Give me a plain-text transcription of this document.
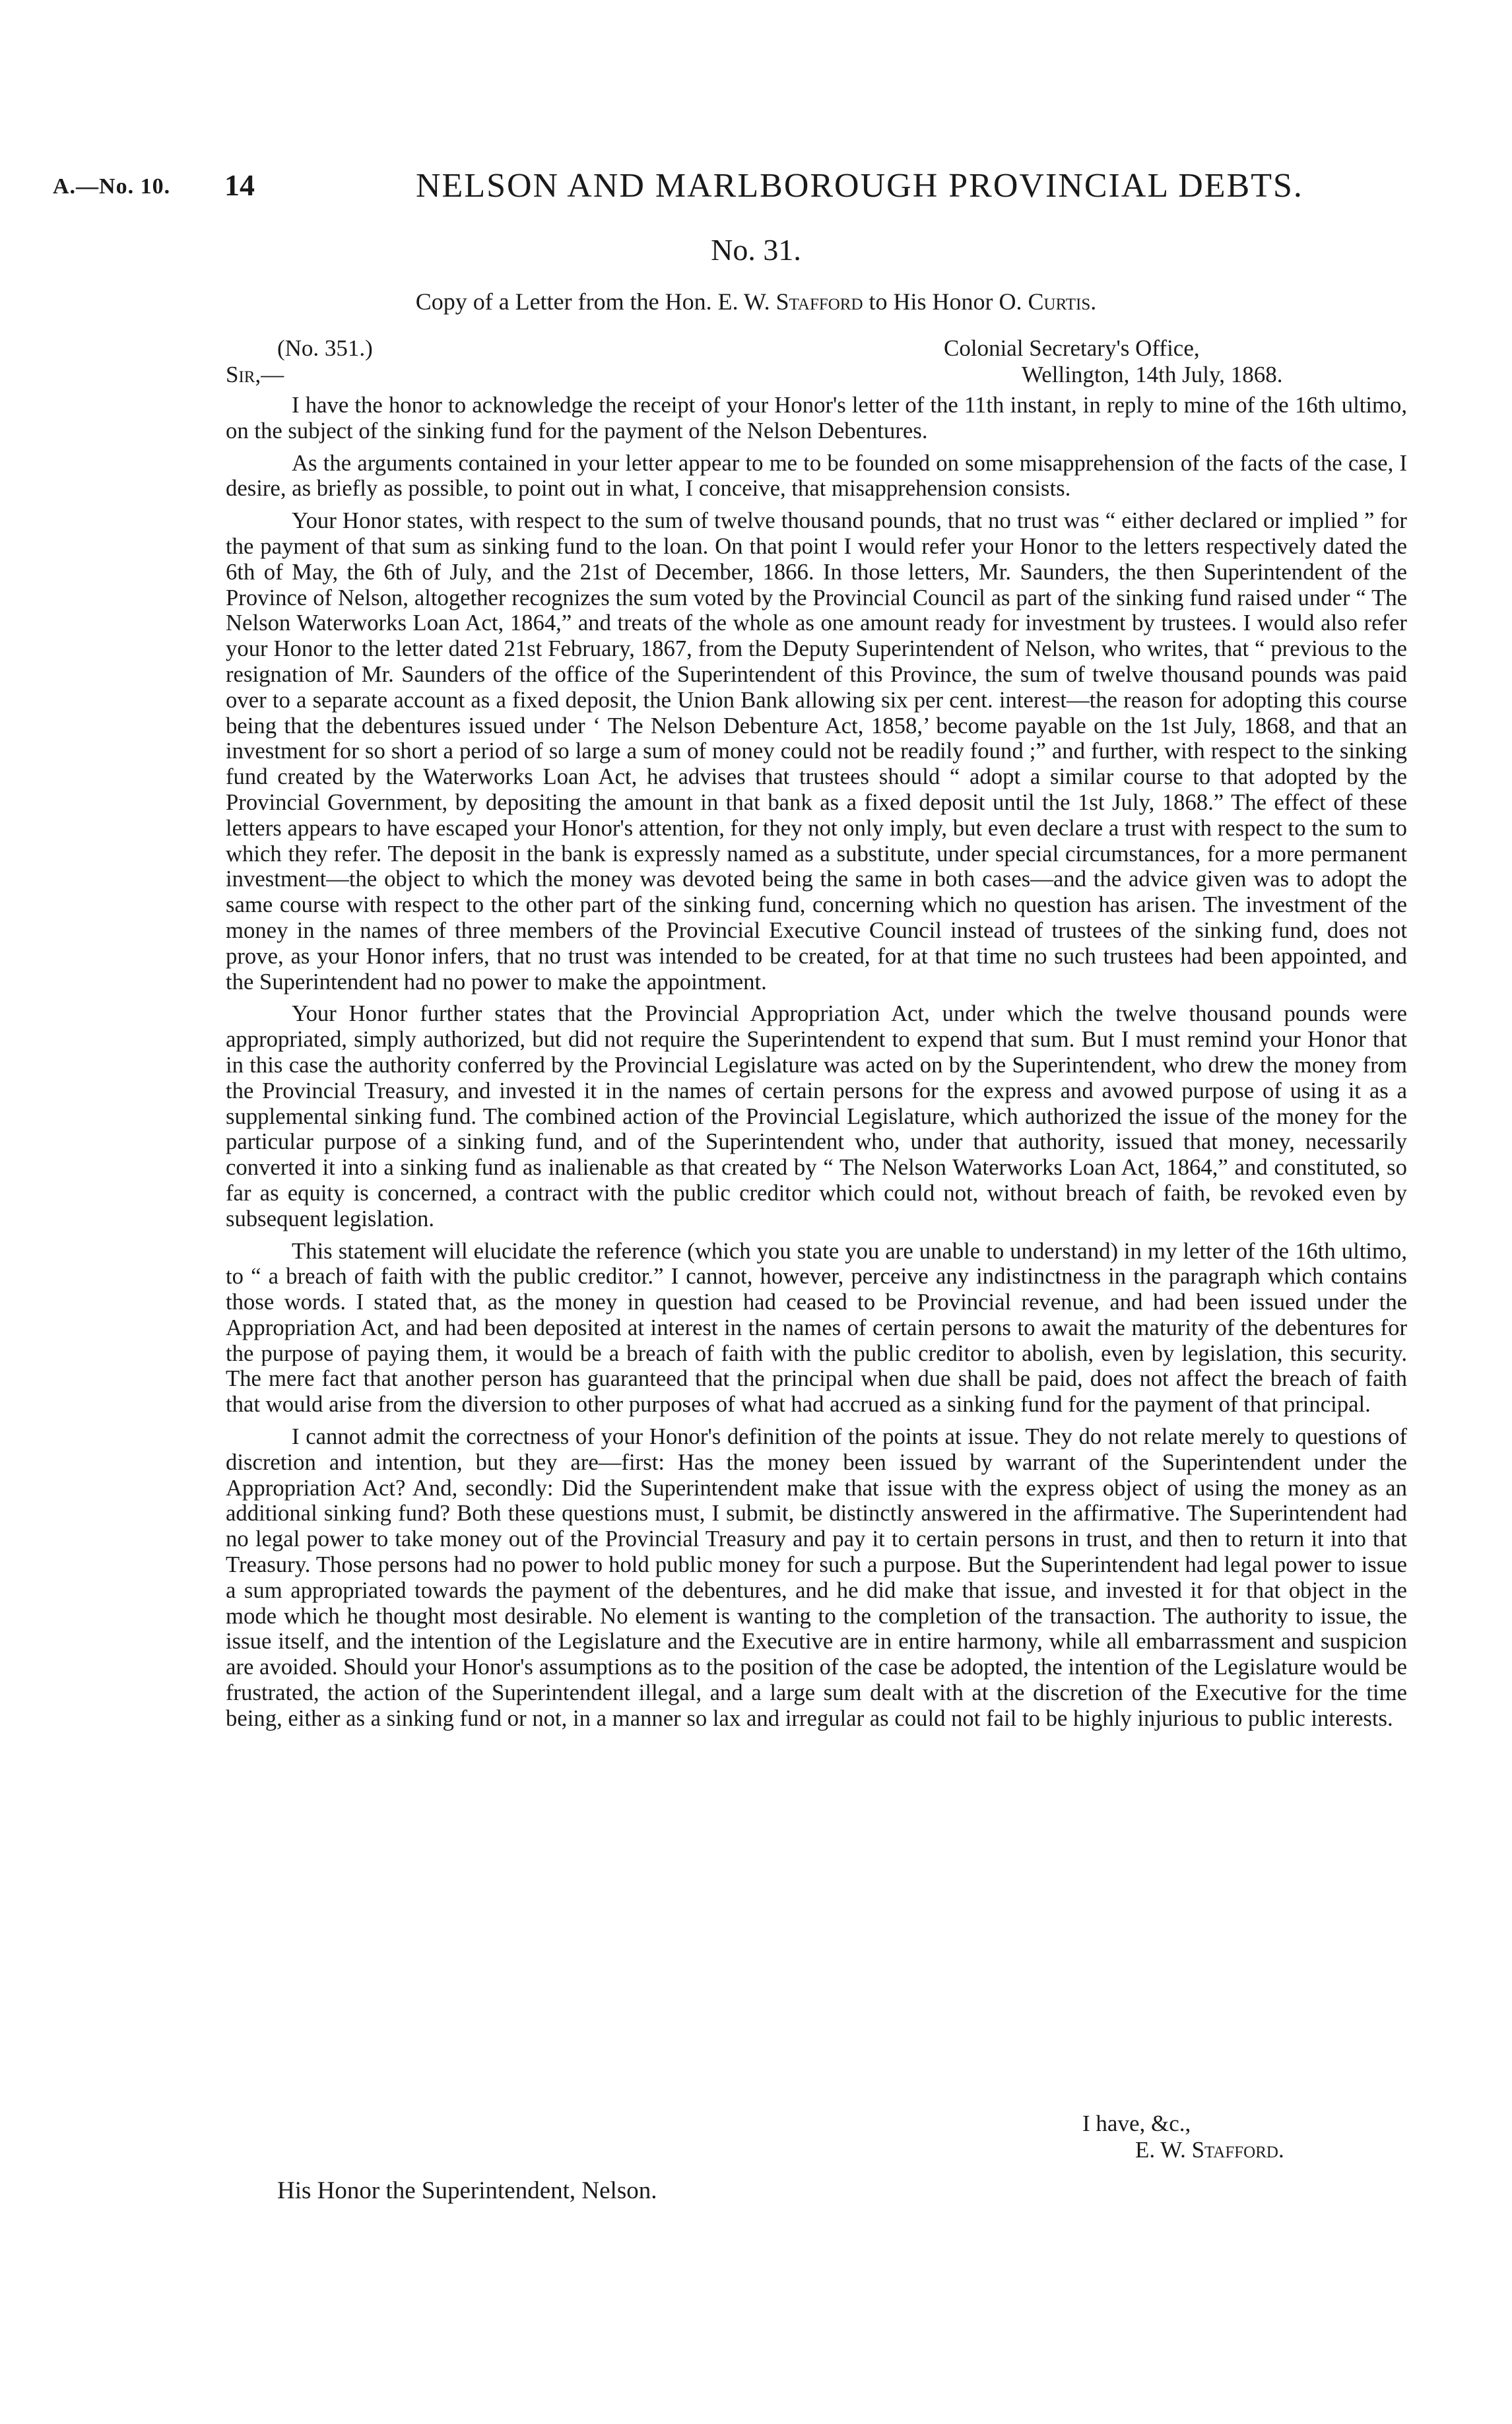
A.—No. 10. 14	NELSON AND MARLBOROUGH PROVINCIAL DEBTS.
No. 31.
Copy of a Letter from the Hon. E. W. Stafford to His Honor O. Curtis.
(No. 351.)	Colonial Secretary's Office,
Sir,—	Wellington, 14th July, 1868.

I have the honor to acknowledge the receipt of your Honor's letter of the 11th instant, in reply to mine of the 16th ultimo, on the subject of the sinking fund for the payment of the Nelson Debentures.

As the arguments contained in your letter appear to me to be founded on some misapprehension of the facts of the case, I desire, as briefly as possible, to point out in what, I conceive, that misapprehension consists.

Your Honor states, with respect to the sum of twelve thousand pounds, that no trust was “ either declared or implied ” for the payment of that sum as sinking fund to the loan. On that point I would refer your Honor to the letters respectively dated the 6th of May, the 6th of July, and the 21st of December, 1866. In those letters, Mr. Saunders, the then Superintendent of the Province of Nelson, altogether recognizes the sum voted by the Provincial Council as part of the sinking fund raised under “ The Nelson Waterworks Loan Act, 1864,” and treats of the whole as one amount ready for investment by trustees. I would also refer your Honor to the letter dated 21st February, 1867, from the Deputy Superintendent of Nelson, who writes, that “ previous to the resignation of Mr. Saunders of the office of the Superintendent of this Province, the sum of twelve thousand pounds was paid over to a separate account as a fixed deposit, the Union Bank allowing six per cent. interest—the reason for adopting this course being that the debentures issued under ‘ The Nelson Debenture Act, 1858,’ become payable on the 1st July, 1868, and that an investment for so short a period of so large a sum of money could not be readily found ;” and further, with respect to the sinking fund created by the Waterworks Loan Act, he advises that trustees should “ adopt a similar course to that adopted by the Provincial Government, by depositing the amount in that bank as a fixed deposit until the 1st July, 1868.” The effect of these letters appears to have escaped your Honor's attention, for they not only imply, but even declare a trust with respect to the sum to which they refer. The deposit in the bank is expressly named as a substitute, under special circumstances, for a more permanent investment—the object to which the money was devoted being the same in both cases—and the advice given was to adopt the same course with respect to the other part of the sinking fund, concerning which no question has arisen. The investment of the money in the names of three members of the Provincial Executive Council instead of trustees of the sinking fund, does not prove, as your Honor infers, that no trust was intended to be created, for at that time no such trustees had been appointed, and the Superintendent had no power to make the appointment.

Your Honor further states that the Provincial Appropriation Act, under which the twelve thousand pounds were appropriated, simply authorized, but did not require the Superintendent to expend that sum. But I must remind your Honor that in this case the authority conferred by the Provincial Legislature was acted on by the Superintendent, who drew the money from the Provincial Treasury, and invested it in the names of certain persons for the express and avowed purpose of using it as a supplemental sinking fund. The combined action of the Provincial Legislature, which authorized the issue of the money for the particular purpose of a sinking fund, and of the Superintendent who, under that authority, issued that money, necessarily converted it into a sinking fund as inalienable as that created by “ The Nelson Waterworks Loan Act, 1864,” and constituted, so far as equity is concerned, a contract with the public creditor which could not, without breach of faith, be revoked even by subsequent legislation.

This statement will elucidate the reference (which you state you are unable to understand) in my letter of the 16th ultimo, to “ a breach of faith with the public creditor.” I cannot, however, perceive any indistinctness in the paragraph which contains those words. I stated that, as the money in question had ceased to be Provincial revenue, and had been issued under the Appropriation Act, and had been deposited at interest in the names of certain persons to await the maturity of the debentures for the purpose of paying them, it would be a breach of faith with the public creditor to abolish, even by legislation, this security. The mere fact that another person has guaranteed that the principal when due shall be paid, does not affect the breach of faith that would arise from the diversion to other purposes of what had accrued as a sinking fund for the payment of that principal.

I cannot admit the correctness of your Honor's definition of the points at issue. They do not relate merely to questions of discretion and intention, but they are—first: Has the money been issued by warrant of the Superintendent under the Appropriation Act? And, secondly: Did the Superintendent make that issue with the express object of using the money as an additional sinking fund? Both these questions must, I submit, be distinctly answered in the affirmative. The Superintendent had no legal power to take money out of the Provincial Treasury and pay it to certain persons in trust, and then to return it into that Treasury. Those persons had no power to hold public money for such a purpose. But the Superintendent had legal power to issue a sum appropriated towards the payment of the debentures, and he did make that issue, and invested it for that object in the mode which he thought most desirable. No element is wanting to the completion of the transaction. The authority to issue, the issue itself, and the intention of the Legislature and the Executive are in entire harmony, while all embarrassment and suspicion are avoided. Should your Honor's assumptions as to the position of the case be adopted, the intention of the Legislature would be frustrated, the action of the Superintendent illegal, and a large sum dealt with at the discretion of the Executive for the time being, either as a sinking fund or not, in a manner so lax and irregular as could not fail to be highly injurious to public interests.

I have, &c.,
E. W. Stafford.
His Honor the Superintendent, Nelson.
